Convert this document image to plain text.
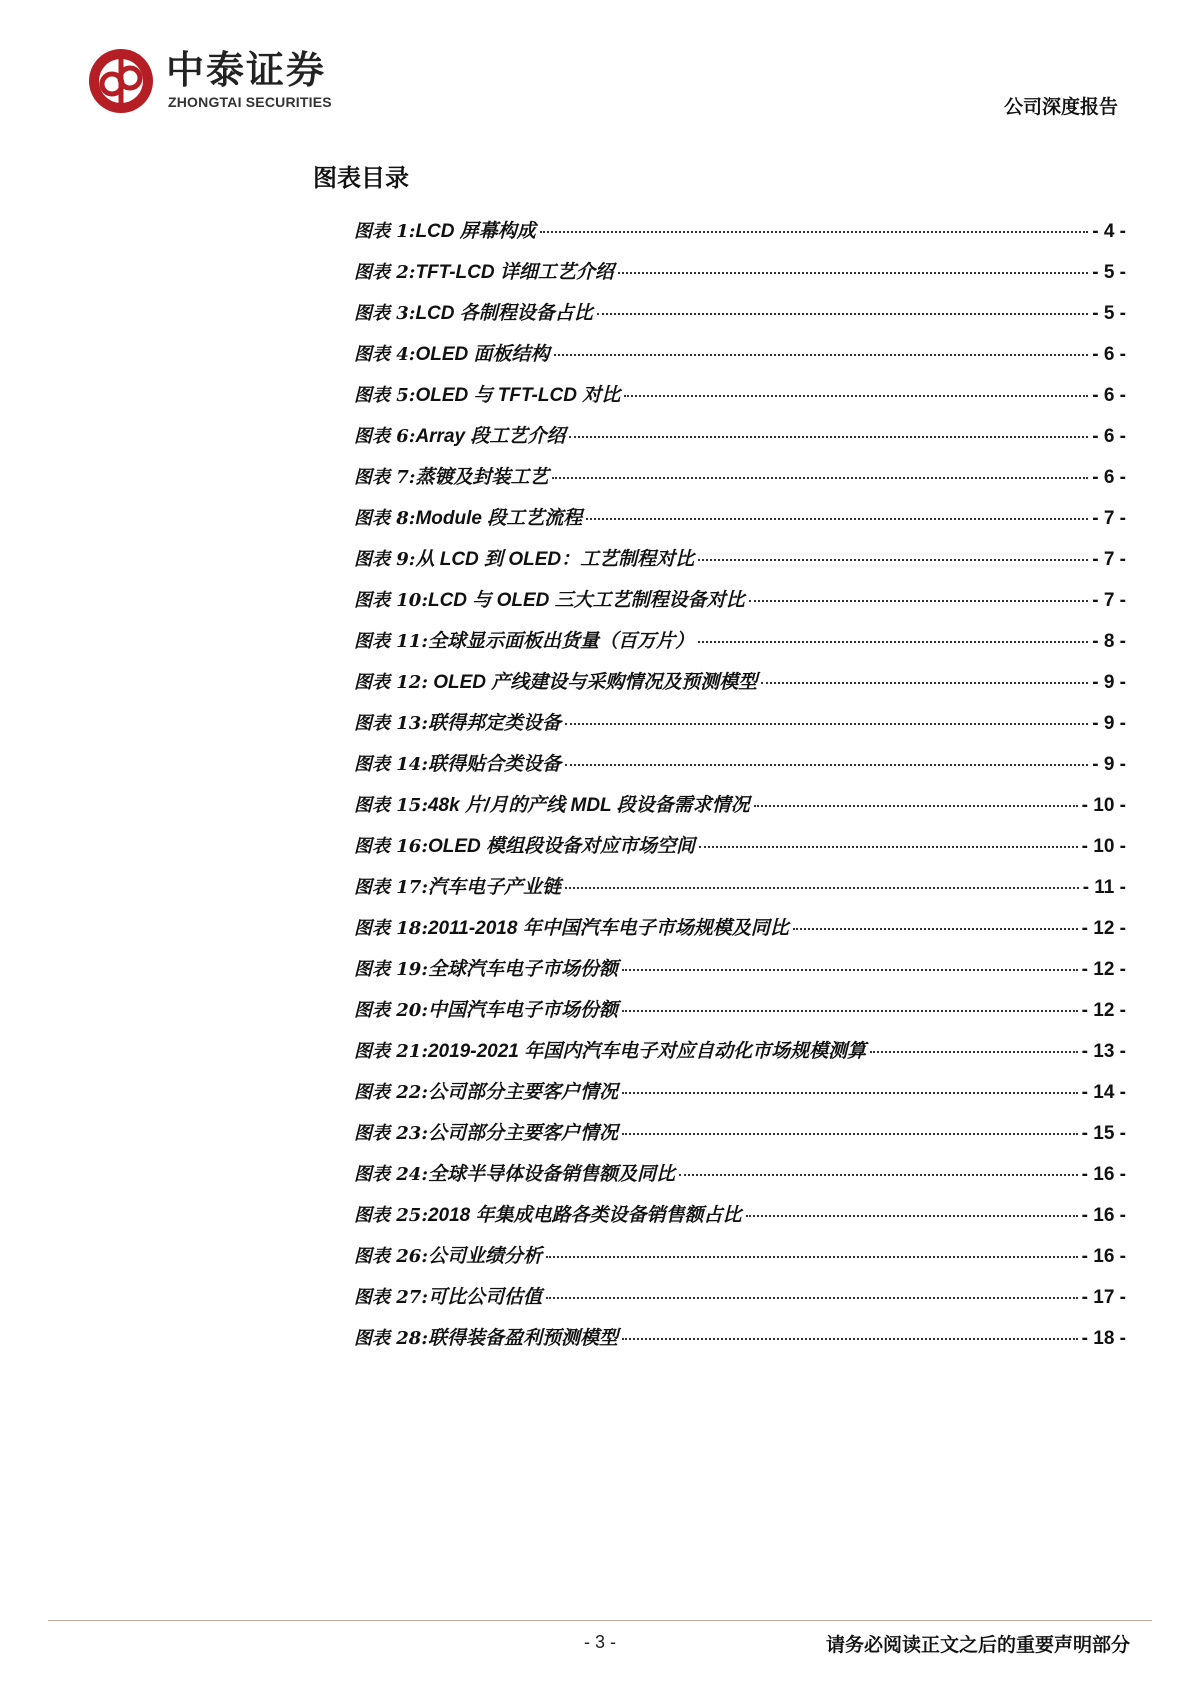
中泰证券
ZHONGTAI SECURITIES	公司深度报告
图表目录
图表 1: LCD 屏幕构成	- 4 -
图表 2: TFT-LCD 详细工艺介绍	- 5 -
图表 3: LCD 各制程设备占比	- 5 -
图表 4: OLED 面板结构	- 6 -
图表 5: OLED 与 TFT-LCD 对比	- 6 -
图表 6: Array 段工艺介绍	- 6 -
图表 7: 蒸镀及封装工艺	- 6 -
图表 8: Module 段工艺流程	- 7 -
图表 9: 从 LCD 到 OLED：工艺制程对比	- 7 -
图表 10: LCD 与 OLED 三大工艺制程设备对比	- 7 -
图表 11: 全球显示面板出货量（百万片）	- 8 -
图表 12: OLED 产线建设与采购情况及预测模型	- 9 -
图表 13: 联得邦定类设备	- 9 -
图表 14: 联得贴合类设备	- 9 -
图表 15: 48k 片/月的产线 MDL 段设备需求情况	- 10 -
图表 16: OLED 模组段设备对应市场空间	- 10 -
图表 17: 汽车电子产业链	- 11 -
图表 18: 2011-2018 年中国汽车电子市场规模及同比	- 12 -
图表 19: 全球汽车电子市场份额	- 12 -
图表 20: 中国汽车电子市场份额	- 12 -
图表 21: 2019-2021 年国内汽车电子对应自动化市场规模测算	- 13 -
图表 22: 公司部分主要客户情况	- 14 -
图表 23: 公司部分主要客户情况	- 15 -
图表 24: 全球半导体设备销售额及同比	- 16 -
图表 25: 2018 年集成电路各类设备销售额占比	- 16 -
图表 26: 公司业绩分析	- 16 -
图表 27: 可比公司估值	- 17 -
图表 28: 联得装备盈利预测模型	- 18 -
- 3 -	请务必阅读正文之后的重要声明部分
